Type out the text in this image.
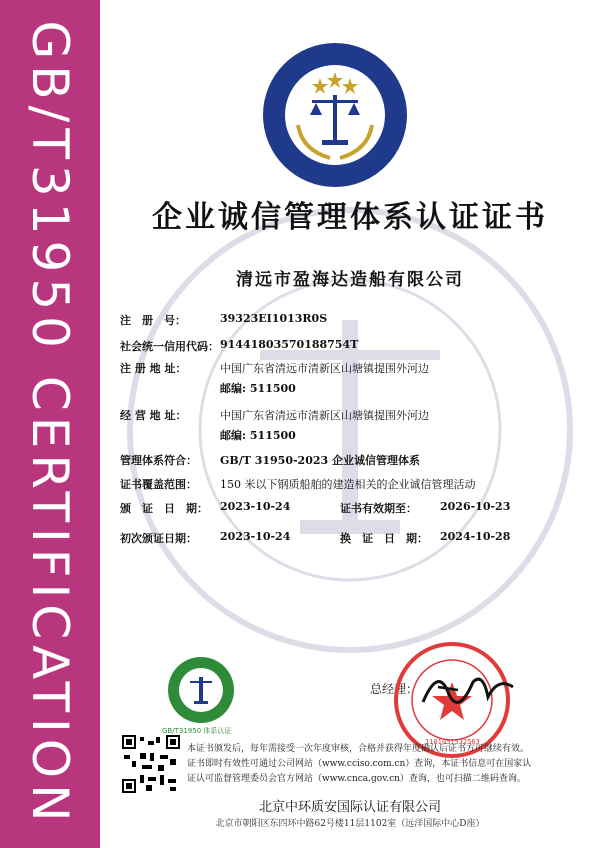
GB/T31950 CERTIFICATION	企业诚信管理体系认证证书
清远市盈海达造船有限公司
注　册　号：	39323EI1013R0S
社会统一信用代码： 91441803570188754T
注 册 地 址：	中国广东省清远市清新区山塘镇提围外河边
邮编: 511500
经 营 地 址：	中国广东省清远市清新区山塘镇提围外河边
邮编: 511500
管理体系符合： GB/T 31950-2023 企业诚信管理体系
证书覆盖范围： 150 米以下钢质船舶的建造相关的企业诚信管理活动
颁　证　日　期： 2023-10-24	证书有效期至： 2026-10-23
初次颁证日期： 2023-10-24	换　证　日　期： 2024-10-28
GB/T31950 体系认证
总经理：
1101051532563
本证书颁发后，每年需接受一次年度审核，合格并获得年度确认后证书方可继续有效。
证书即时有效性可通过公司网站（www.cciso.com.cn）查询，本证书信息可在国家认
证认可监督管理委员会官方网站（www.cnca.gov.cn）查询，也可扫描二维码查询。
北京中环质安国际认证有限公司
北京市朝阳区东四环中路62号楼11层1102室（远洋国际中心D座）
